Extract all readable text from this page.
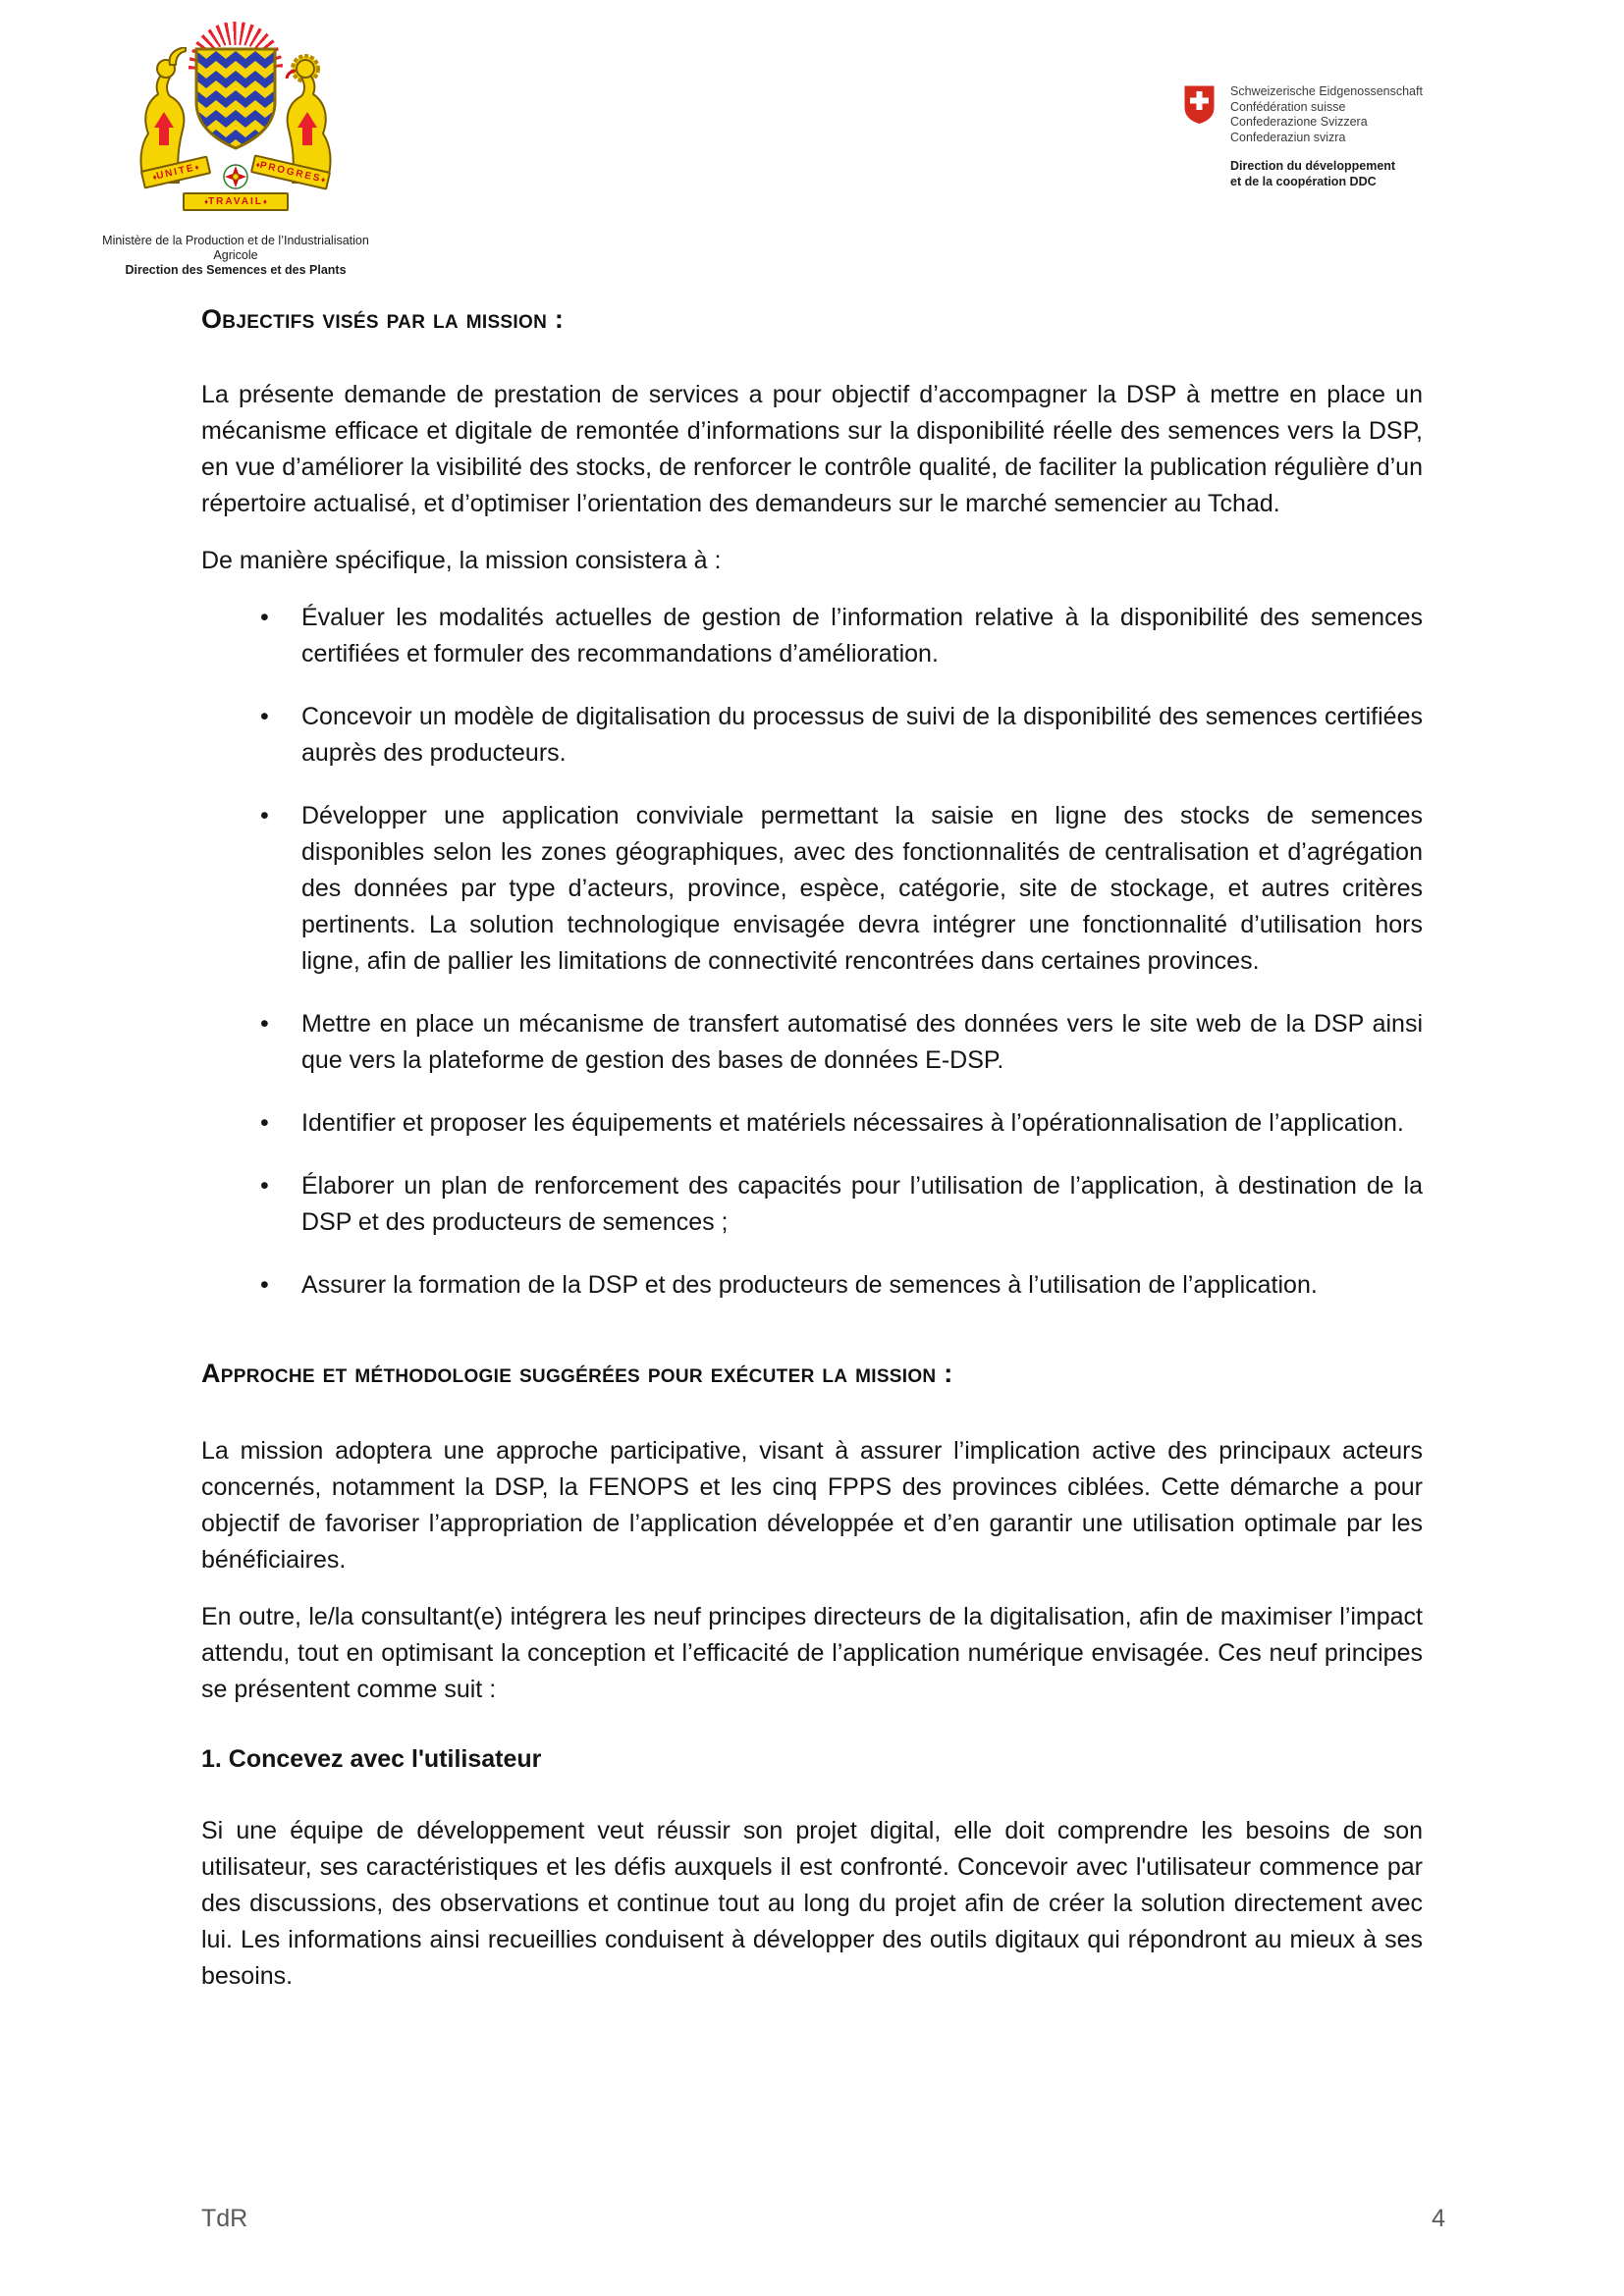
♦ UNITE ♦	♦ PROGRES ♦
♦ TRAVAIL ♦
Ministère de la Production et de l’Industrialisation
Agricole
Direction des Semences et des Plants
Schweizerische Eidgenossenschaft
Confédération suisse
Confederazione Svizzera
Confederaziun svizra
Direction du développement
et de la coopération DDC
Objectifs visés par la mission :

La présente demande de prestation de services a pour objectif d’accompagner la DSP à mettre en place un mécanisme efficace et digitale de remontée d’informations sur la disponibilité réelle des semences vers la DSP, en vue d’améliorer la visibilité des stocks, de renforcer le contrôle qualité, de faciliter la publication régulière d’un répertoire actualisé, et d’optimiser l’orientation des demandeurs sur le marché semencier au Tchad.

De manière spécifique, la mission consistera à :

• Évaluer les modalités actuelles de gestion de l’information relative à la disponibilité des semences certifiées et formuler des recommandations d’amélioration.
• Concevoir un modèle de digitalisation du processus de suivi de la disponibilité des semences certifiées auprès des producteurs.
• Développer une application conviviale permettant la saisie en ligne des stocks de semences disponibles selon les zones géographiques, avec des fonctionnalités de centralisation et d’agrégation des données par type d’acteurs, province, espèce, catégorie, site de stockage, et autres critères pertinents. La solution technologique envisagée devra intégrer une fonctionnalité d’utilisation hors ligne, afin de pallier les limitations de connectivité rencontrées dans certaines provinces.
• Mettre en place un mécanisme de transfert automatisé des données vers le site web de la DSP ainsi que vers la plateforme de gestion des bases de données E-DSP.
• Identifier et proposer les équipements et matériels nécessaires à l’opérationnalisation de l’application.
• Élaborer un plan de renforcement des capacités pour l’utilisation de l’application, à destination de la DSP et des producteurs de semences ;
• Assurer la formation de la DSP et des producteurs de semences à l’utilisation de l’application.
Approche et méthodologie suggérées pour exécuter la mission :

La mission adoptera une approche participative, visant à assurer l’implication active des principaux acteurs concernés, notamment la DSP, la FENOPS et les cinq FPPS des provinces ciblées. Cette démarche a pour objectif de favoriser l’appropriation de l’application développée et d’en garantir une utilisation optimale par les bénéficiaires.

En outre, le/la consultant(e) intégrera les neuf principes directeurs de la digitalisation, afin de maximiser l’impact attendu, tout en optimisant la conception et l’efficacité de l’application numérique envisagée. Ces neuf principes se présentent comme suit :

1. Concevez avec l'utilisateur

Si une équipe de développement veut réussir son projet digital, elle doit comprendre les besoins de son utilisateur, ses caractéristiques et les défis auxquels il est confronté. Concevoir avec l'utilisateur commence par des discussions, des observations et continue tout au long du projet afin de créer la solution directement avec lui. Les informations ainsi recueillies conduisent à développer des outils digitaux qui répondront au mieux à ses besoins.

TdR	4
